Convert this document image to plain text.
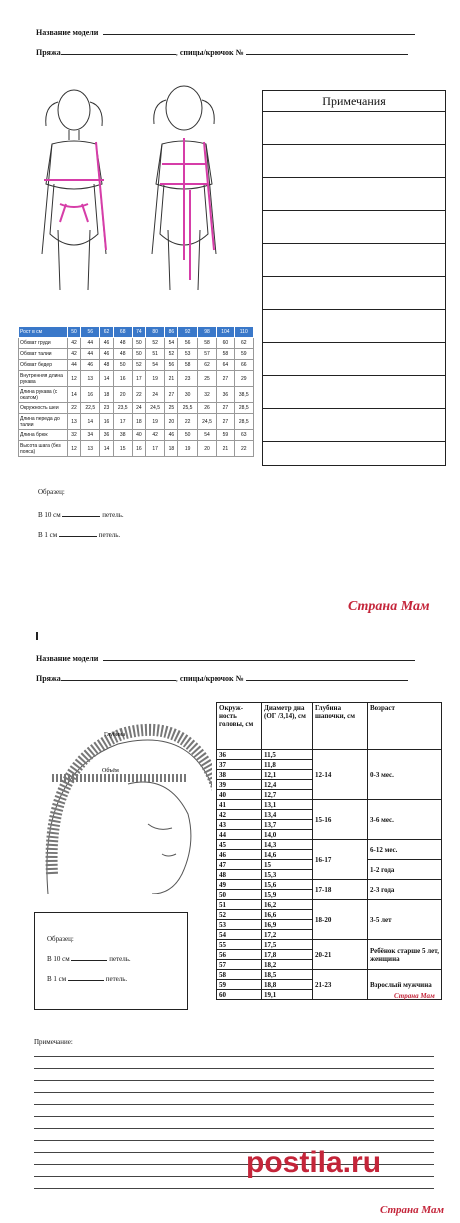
Название модели
Пряжа	, спицы/крючок №
Примечания
Рост в см	50	56	62	68	74	80	86	92	98	104	110
Обхват груди	42	44	46	48	50	52	54	56	58	60	62
Обхват талии	42	44	46	48	50	51	52	53	57	58	59
Обхват бедер	44	46	48	50	52	54	56	58	62	64	66
Внутренняя длина рукава	12	13	14	16	17	19	21	23	25	27	29
Длина рукава (с окатом)	14	16	18	20	22	24	27	30	32	36	38,5
Окружность шеи	22	22,5	23	23,5	24	24,5	25	25,5	26	27	28,5
Длина переда до талии	13	14	16	17	18	19	20	22	24,5	27	28,5
Длина брюк	32	34	36	38	40	42	46	50	54	59	63
Высота шага (без пояса)	12	13	14	15	16	17	18	19	20	21	22
Образец:
В 10 см	петель.
В 1 см	петель.
Страна Мам
Название модели
Пряжа	, спицы/крючок №
Глубина
Объём
Образец:
В 10 см	петель.
В 1 см	петель.
Окруж-ность головы, см	Диаметр дна (ОГ /3,14), см	Глубина шапочки, см	Возраст
36	11,5	12-14	0-3 мес.
37	11,8		
38	12,1		
39	12,4		
40	12,7		
41	13,1	15-16	3-6 мес.
42	13,4		
43	13,7		
44	14,0		
45	14,3	16-17	6-12 мес.
46	14,6		
47	15		1-2 года
48	15,3		
49	15,6	17-18	2-3 года
50	15,9		
51	16,2	18-20	3-5 лет
52	16,6		
53	16,9		
54	17,2		
55	17,5	20-21	Ребёнок старше 5 лет, женщина
56	17,8		
57	18,2		
58	18,5	21-23	Взрослый мужчина
59	18,8		
60	19,1			Страна Мам
Примечание:
postila.ru
Страна Мам
